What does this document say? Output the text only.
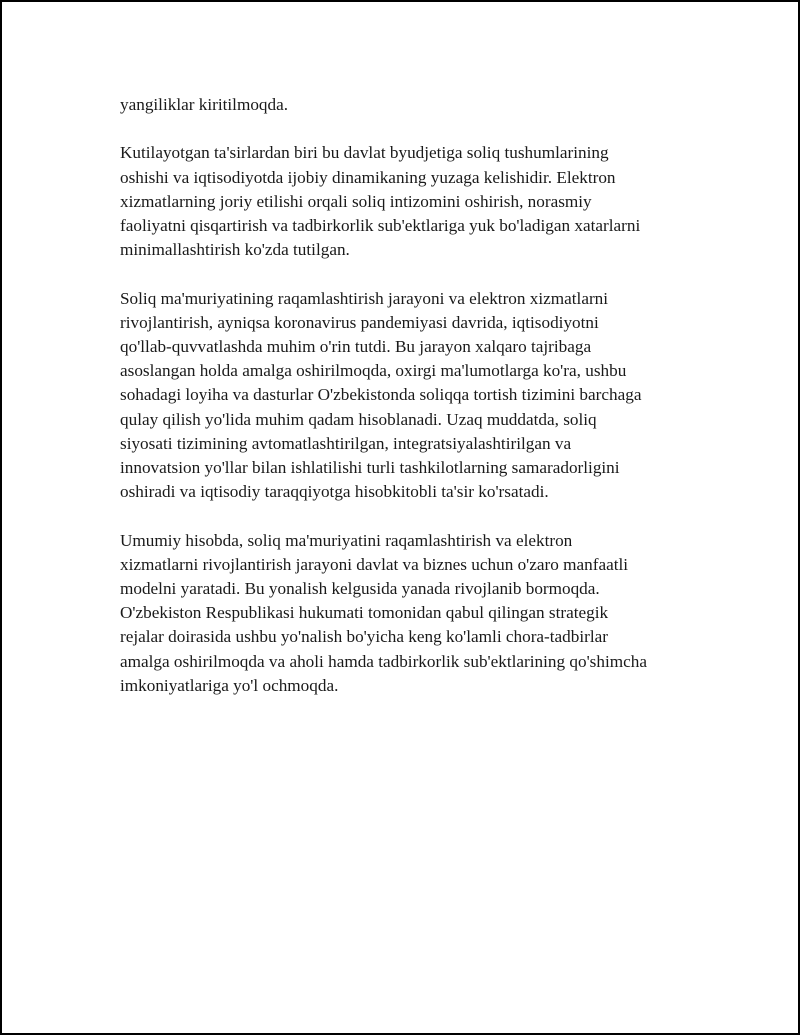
yangiliklar kiritilmoqda.

Kutilayotgan ta'sirlardan biri bu davlat byudjetiga soliq tushumlarining
oshishi va iqtisodiyotda ijobiy dinamikaning yuzaga kelishidir. Elektron
xizmatlarning joriy etilishi orqali soliq intizomini oshirish, norasmiy
faoliyatni qisqartirish va tadbirkorlik sub'ektlariga yuk bo'ladigan xatarlarni
minimallashtirish ko'zda tutilgan.

Soliq ma'muriyatining raqamlashtirish jarayoni va elektron xizmatlarni
rivojlantirish, ayniqsa koronavirus pandemiyasi davrida, iqtisodiyotni
qo'llab-quvvatlashda muhim o'rin tutdi. Bu jarayon xalqaro tajribaga
asoslangan holda amalga oshirilmoqda, oxirgi ma'lumotlarga ko'ra, ushbu
sohadagi loyiha va dasturlar O'zbekistonda soliqqa tortish tizimini barchaga
qulay qilish yo'lida muhim qadam hisoblanadi. Uzaq muddatda, soliq
siyosati tizimining avtomatlashtirilgan, integratsiyalashtirilgan va
innovatsion yo'llar bilan ishlatilishi turli tashkilotlarning samaradorligini
oshiradi va iqtisodiy taraqqiyotga hisobkitobli ta'sir ko'rsatadi.

Umumiy hisobda, soliq ma'muriyatini raqamlashtirish va elektron
xizmatlarni rivojlantirish jarayoni davlat va biznes uchun o'zaro manfaatli
modelni yaratadi. Bu yonalish kelgusida yanada rivojlanib bormoqda.
O'zbekiston Respublikasi hukumati tomonidan qabul qilingan strategik
rejalar doirasida ushbu yo'nalish bo'yicha keng ko'lamli chora-tadbirlar
amalga oshirilmoqda va aholi hamda tadbirkorlik sub'ektlarining qo'shimcha
imkoniyatlariga yo'l ochmoqda.
